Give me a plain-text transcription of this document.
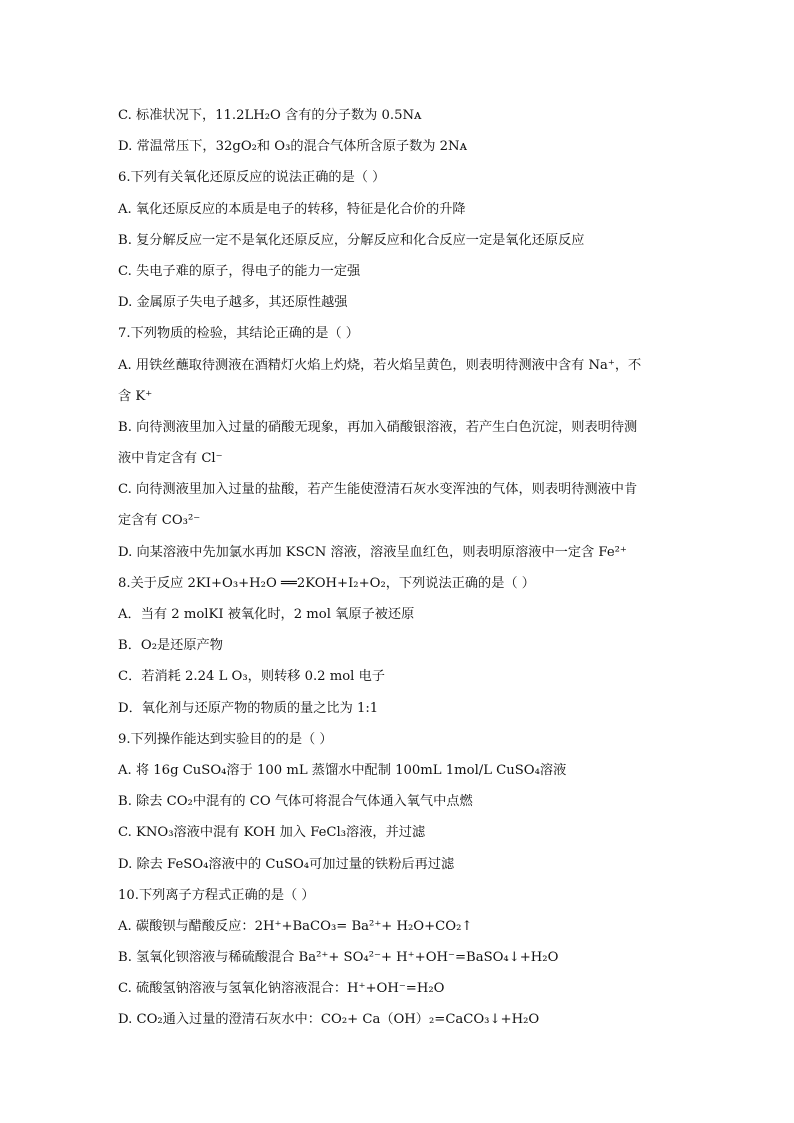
C. 标准状况下，11.2LH₂O 含有的分子数为 0.5Nᴀ
D. 常温常压下，32gO₂和 O₃的混合气体所含原子数为 2Nᴀ
6.下列有关氧化还原反应的说法正确的是（ ）
A. 氧化还原反应的本质是电子的转移，特征是化合价的升降
B. 复分解反应一定不是氧化还原反应，分解反应和化合反应一定是氧化还原反应
C. 失电子难的原子，得电子的能力一定强
D. 金属原子失电子越多，其还原性越强
7.下列物质的检验，其结论正确的是（ ）
A. 用铁丝蘸取待测液在酒精灯火焰上灼烧，若火焰呈黄色，则表明待测液中含有 Na⁺，不
含 K⁺
B. 向待测液里加入过量的硝酸无现象，再加入硝酸银溶液，若产生白色沉淀，则表明待测
液中肯定含有 Cl⁻
C. 向待测液里加入过量的盐酸，若产生能使澄清石灰水变浑浊的气体，则表明待测液中肯
定含有 CO₃²⁻
D. 向某溶液中先加氯水再加 KSCN 溶液，溶液呈血红色，则表明原溶液中一定含 Fe²⁺
8.关于反应 2KI+O₃+H₂O ══2KOH+I₂+O₂，下列说法正确的是（ ）
A．当有 2 molKI 被氧化时，2 mol 氧原子被还原
B．O₂是还原产物
C．若消耗 2.24 L O₃，则转移 0.2 mol 电子
D．氧化剂与还原产物的物质的量之比为 1:1
9.下列操作能达到实验目的的是（ ）
A. 将 16g CuSO₄溶于 100 mL 蒸馏水中配制 100mL 1mol/L CuSO₄溶液
B. 除去 CO₂中混有的 CO 气体可将混合气体通入氧气中点燃
C. KNO₃溶液中混有 KOH 加入 FeCl₃溶液，并过滤
D. 除去 FeSO₄溶液中的 CuSO₄可加过量的铁粉后再过滤
10.下列离子方程式正确的是（ ）
A. 碳酸钡与醋酸反应：2H⁺+BaCO₃= Ba²⁺+ H₂O+CO₂↑
B. 氢氧化钡溶液与稀硫酸混合 Ba²⁺+ SO₄²⁻+ H⁺+OH⁻=BaSO₄↓+H₂O
C. 硫酸氢钠溶液与氢氧化钠溶液混合：H⁺+OH⁻=H₂O
D. CO₂通入过量的澄清石灰水中：CO₂+ Ca（OH）₂=CaCO₃↓+H₂O
